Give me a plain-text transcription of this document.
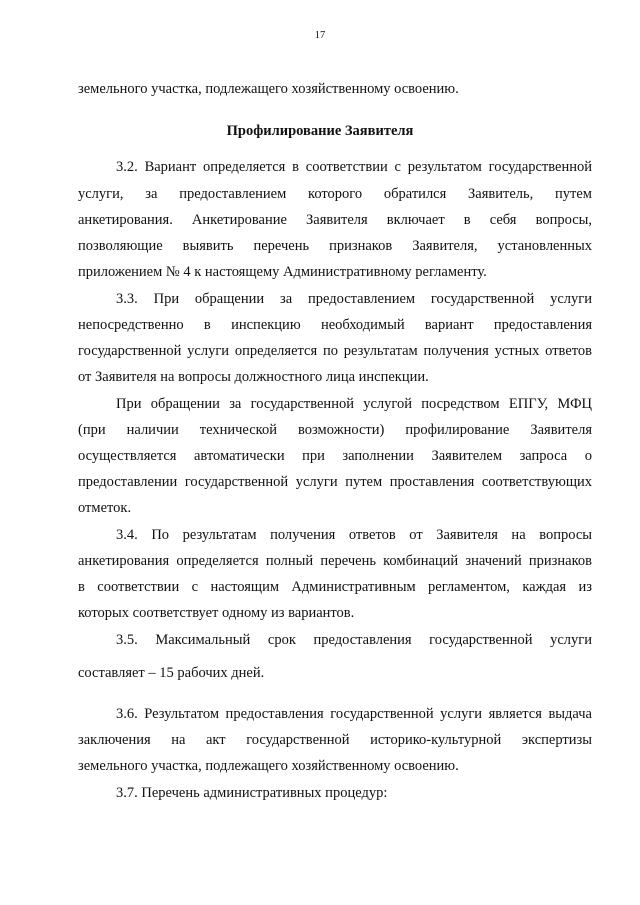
17
земельного участка, подлежащего хозяйственному освоению.
Профилирование Заявителя
3.2. Вариант определяется в соответствии с результатом государственной
услуги, за предоставлением которого обратился Заявитель, путем
анкетирования. Анкетирование Заявителя включает в себя вопросы,
позволяющие выявить перечень признаков Заявителя, установленных
приложением № 4 к настоящему Административному регламенту.
3.3. При обращении за предоставлением государственной услуги
непосредственно в инспекцию необходимый вариант предоставления
государственной услуги определяется по результатам получения устных ответов
от Заявителя на вопросы должностного лица инспекции.
При обращении за государственной услугой посредством ЕПГУ, МФЦ
(при наличии технической возможности) профилирование Заявителя
осуществляется автоматически при заполнении Заявителем запроса о
предоставлении государственной услуги путем проставления соответствующих
отметок.
3.4. По результатам получения ответов от Заявителя на вопросы
анкетирования определяется полный перечень комбинаций значений признаков
в соответствии с настоящим Административным регламентом, каждая из
которых соответствует одному из вариантов.
3.5. Максимальный срок предоставления государственной услуги
составляет ‒ 15 рабочих дней.
3.6. Результатом предоставления государственной услуги является выдача
заключения на акт государственной историко-культурной экспертизы
земельного участка, подлежащего хозяйственному освоению.
3.7. Перечень административных процедур:
